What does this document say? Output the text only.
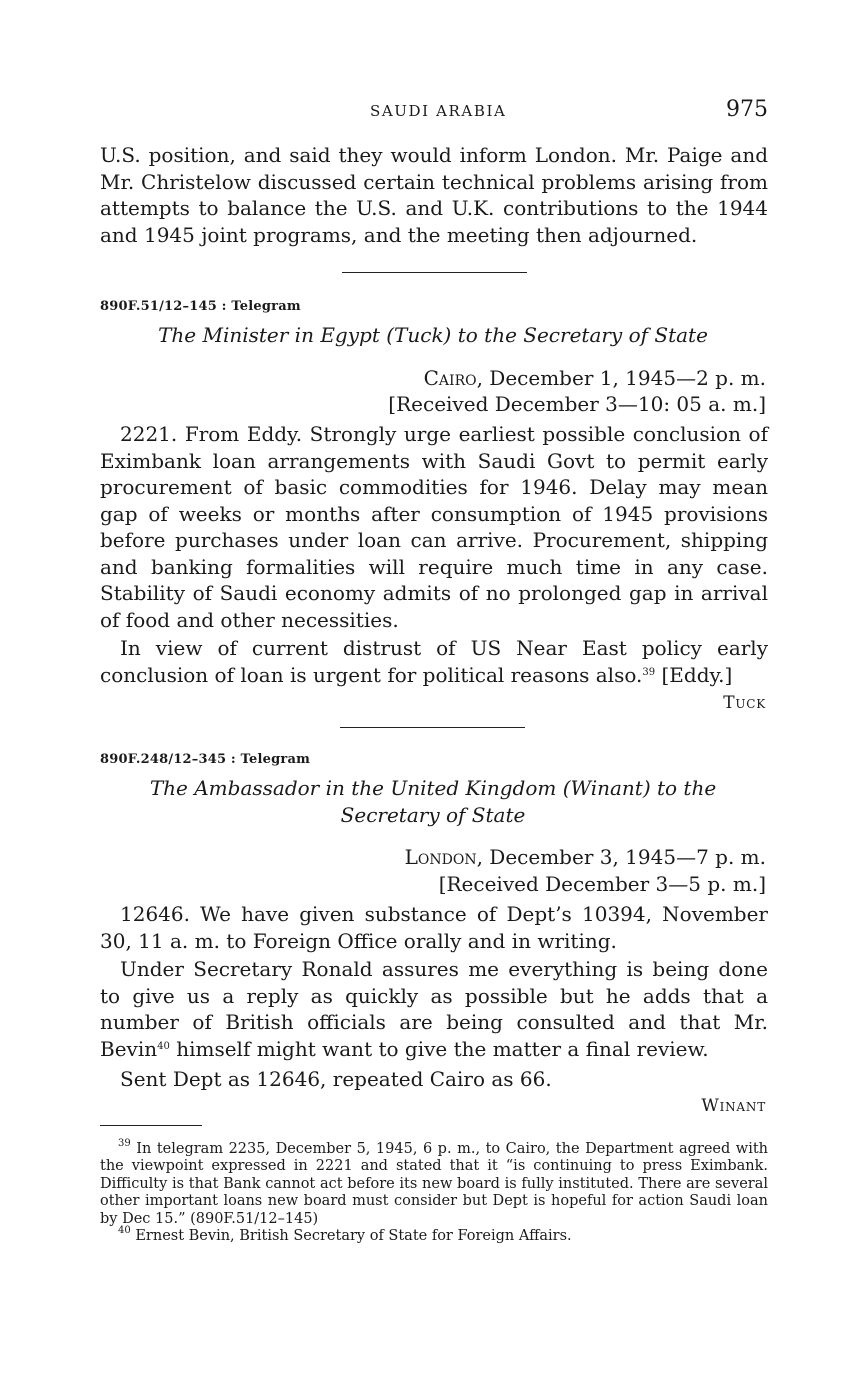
SAUDI ARABIA	975

U.S. position, and said they would inform London. Mr. Paige and Mr. Christelow discussed certain technical problems arising from attempts to balance the U.S. and U.K. contributions to the 1944 and 1945 joint programs, and the meeting then adjourned.

890F.51/12–145 : Telegram

The Minister in Egypt (Tuck) to the Secretary of State

Cairo, December 1, 1945—2 p. m.
[Received December 3—10: 05 a. m.]

2221. From Eddy. Strongly urge earliest possible conclusion of Eximbank loan arrangements with Saudi Govt to permit early procurement of basic commodities for 1946. Delay may mean gap of weeks or months after consumption of 1945 provisions before purchases under loan can arrive. Procurement, shipping and banking formalities will require much time in any case. Stability of Saudi economy admits of no prolonged gap in arrival of food and other necessities.

In view of current distrust of US Near East policy early conclusion of loan is urgent for political reasons also.$^{39}$ [Eddy.]

Tuck
890F.248/12–345 : Telegram

The Ambassador in the United Kingdom (Winant) to the Secretary of State

London, December 3, 1945—7 p. m.
[Received December 3—5 p. m.]

12646. We have given substance of Dept’s 10394, November 30, 11 a. m. to Foreign Office orally and in writing.

Under Secretary Ronald assures me everything is being done to give us a reply as quickly as possible but he adds that a number of British officials are being consulted and that Mr. Bevin$^{40}$ himself might want to give the matter a final review.

Sent Dept as 12646, repeated Cairo as 66.

Winant

$^{39}$ In telegram 2235, December 5, 1945, 6 p. m., to Cairo, the Department agreed with the viewpoint expressed in 2221 and stated that it “is continuing to press Eximbank. Difficulty is that Bank cannot act before its new board is fully instituted. There are several other important loans new board must consider but Dept is hopeful for action Saudi loan by Dec 15.” (890F.51/12–145)

$^{40}$ Ernest Bevin, British Secretary of State for Foreign Affairs.
